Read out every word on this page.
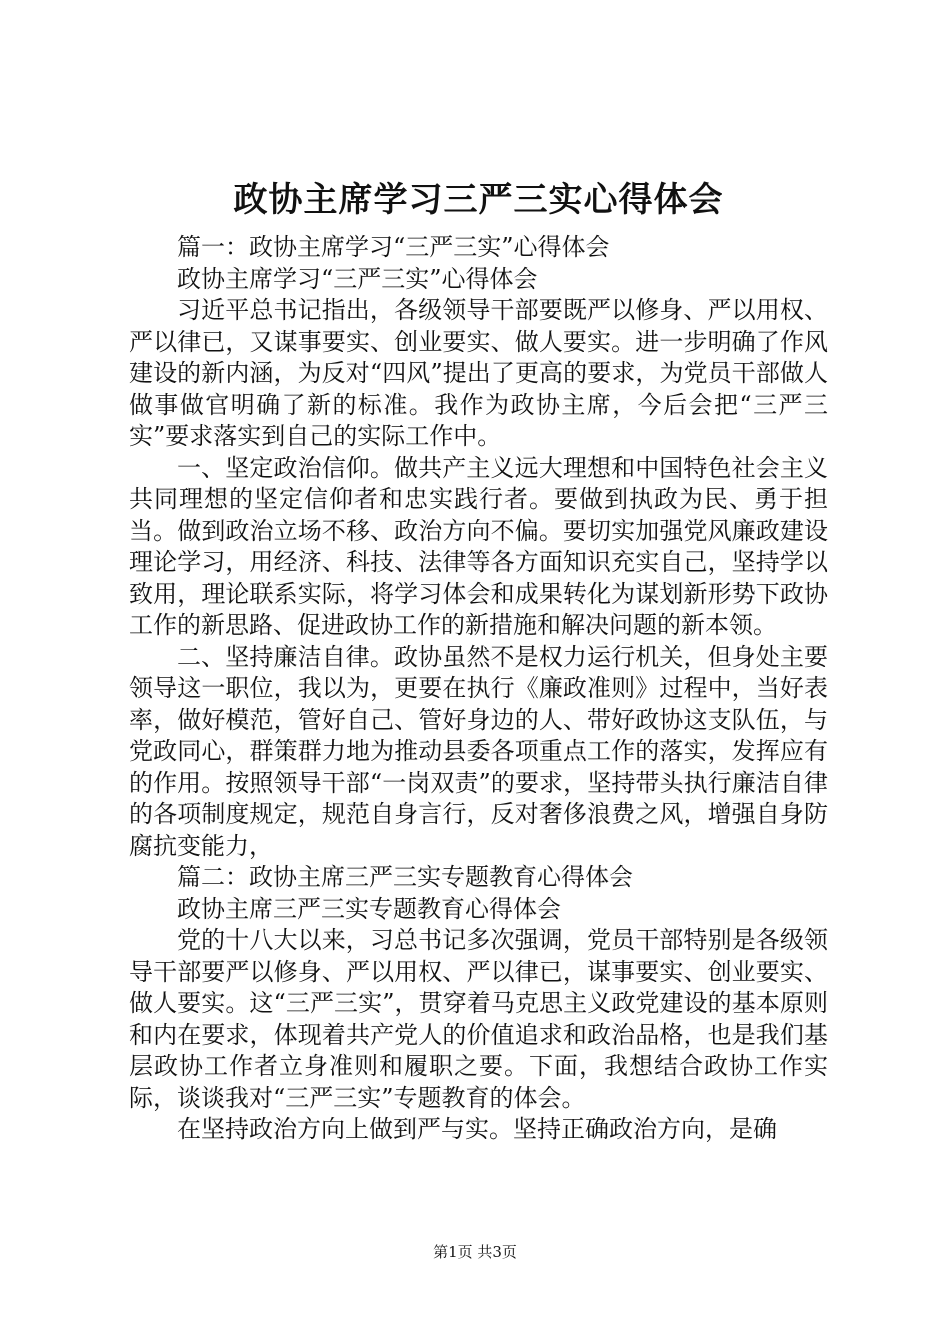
政协主席学习三严三实心得体会

篇一：政协主席学习“三严三实”心得体会

政协主席学习“三严三实”心得体会

习近平总书记指出，各级领导干部要既严以修身、严以用权、严以律已，又谋事要实、创业要实、做人要实。进一步明确了作风建设的新内涵，为反对“四风”提出了更高的要求，为党员干部做人做事做官明确了新的标准。我作为政协主席，今后会把“三严三实”要求落实到自己的实际工作中。

一、坚定政治信仰。做共产主义远大理想和中国特色社会主义共同理想的坚定信仰者和忠实践行者。要做到执政为民、勇于担当。做到政治立场不移、政治方向不偏。要切实加强党风廉政建设理论学习，用经济、科技、法律等各方面知识充实自己，坚持学以致用，理论联系实际，将学习体会和成果转化为谋划新形势下政协工作的新思路、促进政协工作的新措施和解决问题的新本领。

二、坚持廉洁自律。政协虽然不是权力运行机关，但身处主要领导这一职位，我以为，更要在执行《廉政准则》过程中，当好表率，做好模范，管好自己、管好身边的人、带好政协这支队伍，与党政同心，群策群力地为推动县委各项重点工作的落实，发挥应有的作用。按照领导干部“一岗双责”的要求，坚持带头执行廉洁自律的各项制度规定，规范自身言行，反对奢侈浪费之风，增强自身防腐抗变能力，

篇二：政协主席三严三实专题教育心得体会

政协主席三严三实专题教育心得体会

党的十八大以来，习总书记多次强调，党员干部特别是各级领导干部要严以修身、严以用权、严以律已，谋事要实、创业要实、做人要实。这“三严三实”，贯穿着马克思主义政党建设的基本原则和内在要求，体现着共产党人的价值追求和政治品格，也是我们基层政协工作者立身准则和履职之要。下面，我想结合政协工作实际，谈谈我对“三严三实”专题教育的体会。

在坚持政治方向上做到严与实。坚持正确政治方向，是确

第1页 共3页
